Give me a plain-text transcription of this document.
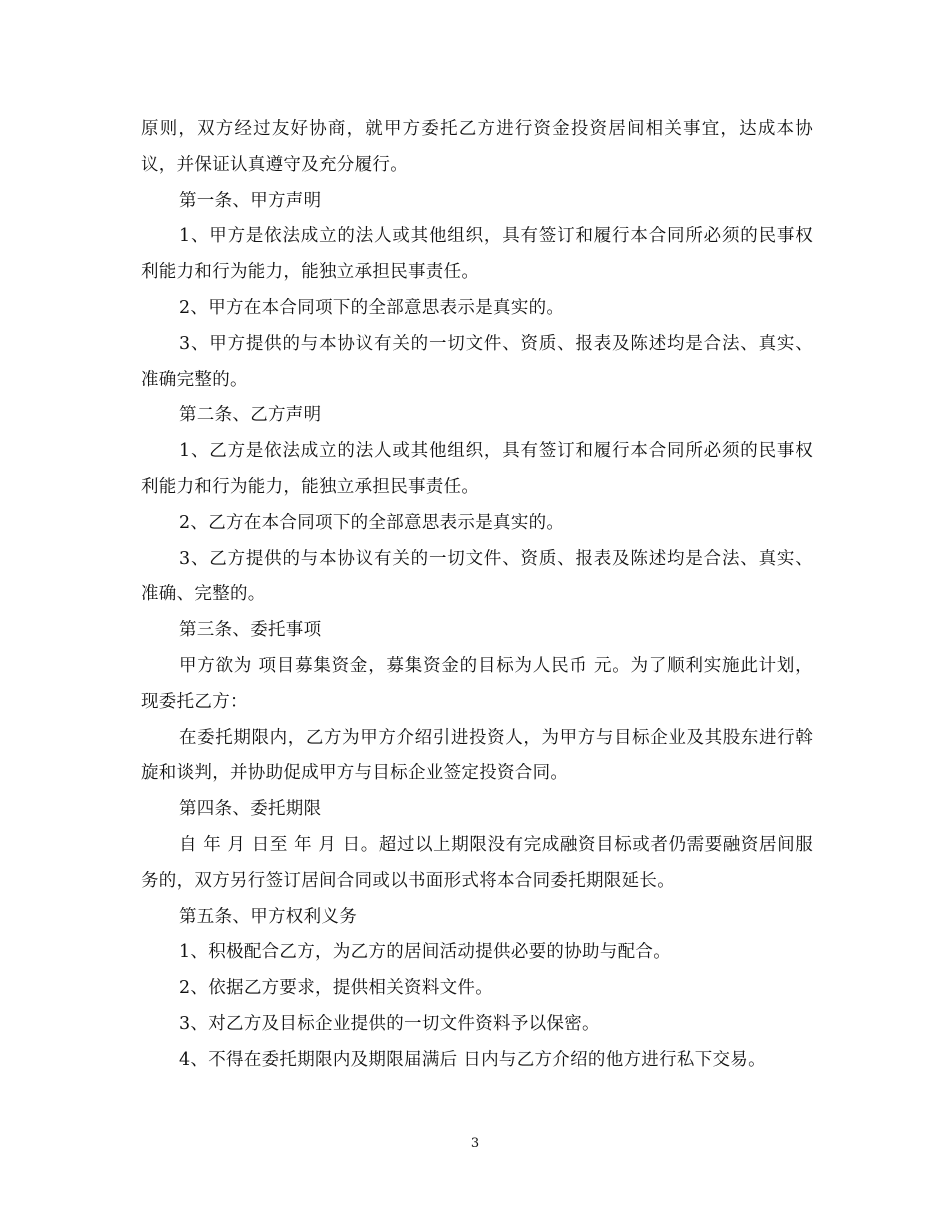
原则，双方经过友好协商，就甲方委托乙方进行资金投资居间相关事宜，达成本协议，并保证认真遵守及充分履行。

第一条、甲方声明

1、甲方是依法成立的法人或其他组织，具有签订和履行本合同所必须的民事权利能力和行为能力，能独立承担民事责任。

2、甲方在本合同项下的全部意思表示是真实的。

3、甲方提供的与本协议有关的一切文件、资质、报表及陈述均是合法、真实、准确完整的。

第二条、乙方声明

1、乙方是依法成立的法人或其他组织，具有签订和履行本合同所必须的民事权利能力和行为能力，能独立承担民事责任。

2、乙方在本合同项下的全部意思表示是真实的。

3、乙方提供的与本协议有关的一切文件、资质、报表及陈述均是合法、真实、准确、完整的。

第三条、委托事项

甲方欲为 项目募集资金，募集资金的目标为人民币 元。为了顺利实施此计划，现委托乙方：

在委托期限内，乙方为甲方介绍引进投资人，为甲方与目标企业及其股东进行斡旋和谈判，并协助促成甲方与目标企业签定投资合同。

第四条、委托期限

自 年 月 日至 年 月 日。超过以上期限没有完成融资目标或者仍需要融资居间服务的，双方另行签订居间合同或以书面形式将本合同委托期限延长。

第五条、甲方权利义务

1、积极配合乙方，为乙方的居间活动提供必要的协助与配合。

2、依据乙方要求，提供相关资料文件。

3、对乙方及目标企业提供的一切文件资料予以保密。

4、不得在委托期限内及期限届满后 日内与乙方介绍的他方进行私下交易。

3
